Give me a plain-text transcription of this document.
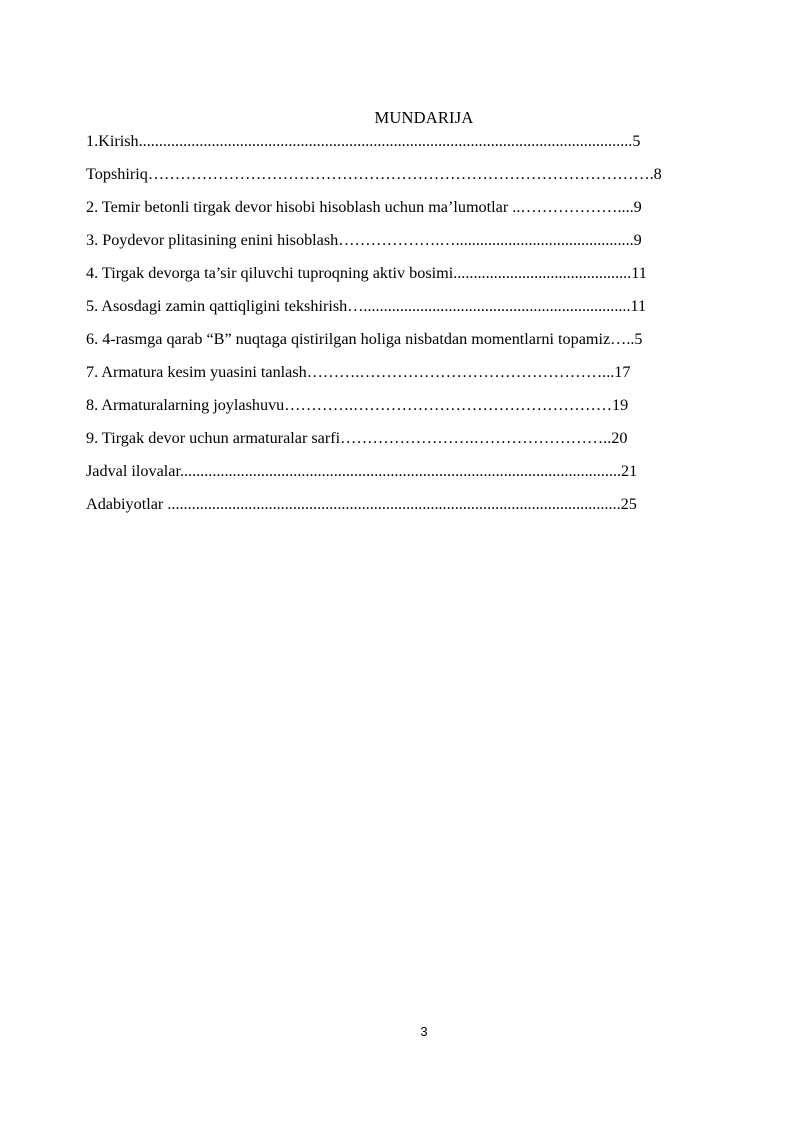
MUNDARIJA
1.Kirish..........................................................................................................................5
Topshiriq………………………………………………………………………………….8
2. Temir betonli tirgak devor hisobi hisoblash uchun ma’lumotlar ..………………....9
3. Poydevor plitasining enini hisoblash……………….…............................................9
4. Tirgak devorga ta’sir qiluvchi tuproqning aktiv bosimi............................................11
5. Asosdagi zamin qattiqligini tekshirish…..................................................................11
6. 4-rasmga qarab “B” nuqtaga qistirilgan holiga nisbatdan momentlarni topamiz…..5
7. Armatura kesim yuasini tanlash……….………………………………………...17
8. Armaturalarning joylashuvu………….…………………………………………19
9. Tirgak devor uchun armaturalar sarfi…………………….……………………..20
Jadval ilovalar.............................................................................................................21
Adabiyotlar ................................................................................................................25
3
